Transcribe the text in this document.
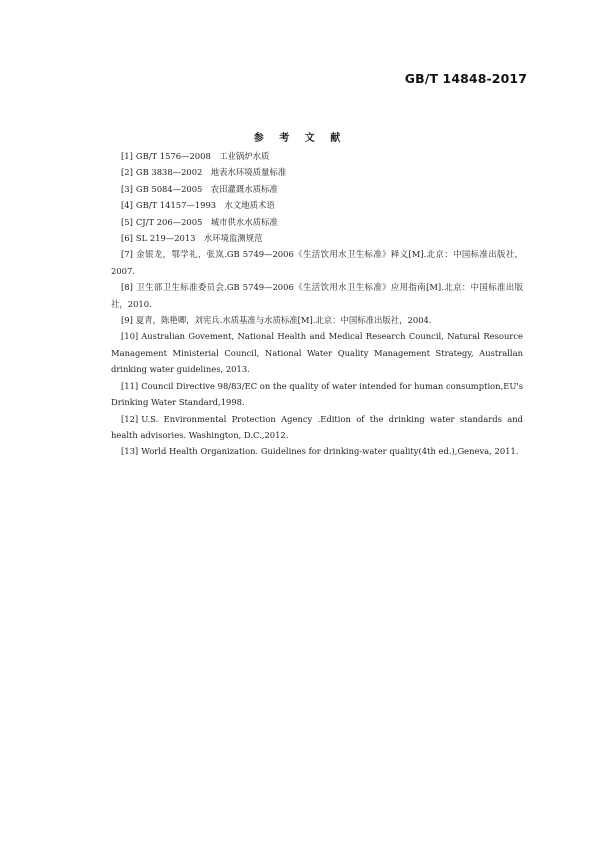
GB/T 14848-2017
参 考 文 献
[1] GB/T 1576—2008　工业锅炉水质
[2] GB 3838—2002　地表水环境质量标准
[3] GB 5084—2005　农田灌溉水质标准
[4] GB/T 14157—1993　水文地质术语
[5] CJ/T 206—2005　城市供水水质标准
[6] SL 219—2013　水环境监测规范
[7] 金银龙，鄂学礼，张岚.GB 5749—2006《生活饮用水卫生标准》释义[M].北京：中国标准出版社，2007.
[8] 卫生部卫生标准委员会.GB 5749—2006《生活饮用水卫生标准》应用指南[M].北京：中国标准出版社，2010.
[9] 夏青，陈艳卿，刘宪兵.水质基准与水质标准[M].北京：中国标准出版社，2004.
[10] Australian Govement, National Health and Medical Research Council, Natural Resource Management Ministerial Council, National Water Quality Management Strategy, Australlan drinking water guidelines, 2013.
[11] Council Directive 98/83/EC on the quality of water intended for human consumption,EU's Drinking Water Standard,1998.
[12] U.S. Environmental Protection Agency .Edition of the drinking water standards and health advisories. Washington, D.C.,2012.
[13] World Health Organization. Guidelines for drinking-water quality(4th ed.),Geneva, 2011.
